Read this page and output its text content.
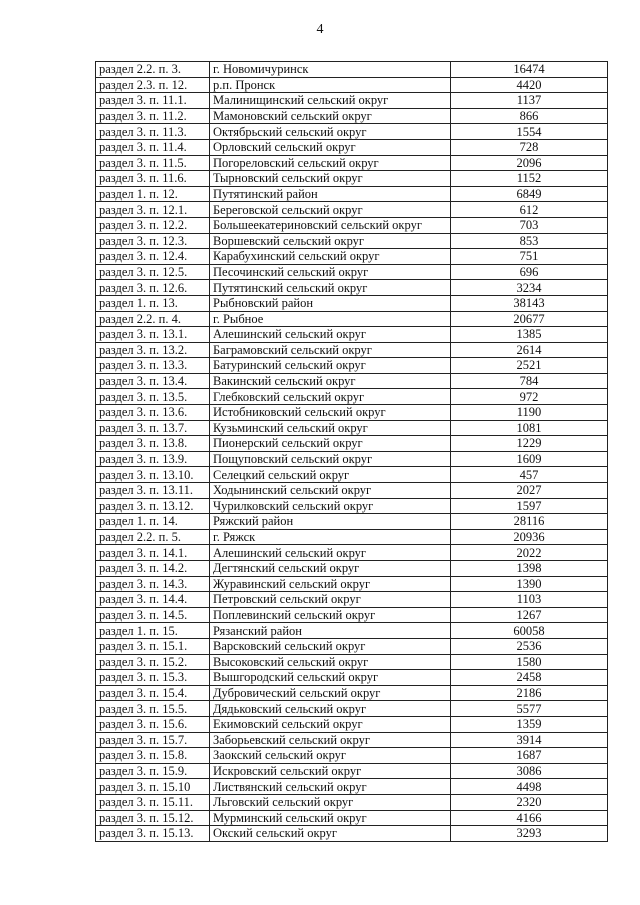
4
раздел 2.2. п. 3.	г. Новомичуринск	16474
раздел 2.3. п. 12.	р.п. Пронск	4420
раздел 3. п. 11.1.	Малинищинский сельский округ	1137
раздел 3. п. 11.2.	Мамоновский сельский округ	866
раздел 3. п. 11.3.	Октябрьский сельский округ	1554
раздел 3. п. 11.4.	Орловский сельский округ	728
раздел 3. п. 11.5.	Погореловский сельский округ	2096
раздел 3. п. 11.6.	Тырновский сельский округ	1152
раздел 1. п. 12.	Путятинский район	6849
раздел 3. п. 12.1.	Береговской сельский округ	612
раздел 3. п. 12.2.	Большеекатериновский сельский округ	703
раздел 3. п. 12.3.	Воршевский сельский округ	853
раздел 3. п. 12.4.	Карабухинский сельский округ	751
раздел 3. п. 12.5.	Песочинский сельский округ	696
раздел 3. п. 12.6.	Путятинский сельский округ	3234
раздел 1. п. 13.	Рыбновский район	38143
раздел 2.2. п. 4.	г. Рыбное	20677
раздел 3. п. 13.1.	Алешинский сельский округ	1385
раздел 3. п. 13.2.	Баграмовский сельский округ	2614
раздел 3. п. 13.3.	Батуринский сельский округ	2521
раздел 3. п. 13.4.	Вакинский сельский округ	784
раздел 3. п. 13.5.	Глебковский сельский округ	972
раздел 3. п. 13.6.	Истобниковский сельский округ	1190
раздел 3. п. 13.7.	Кузьминский сельский округ	1081
раздел 3. п. 13.8.	Пионерский сельский округ	1229
раздел 3. п. 13.9.	Пощуповский сельский округ	1609
раздел 3. п. 13.10.	Селецкий сельский округ	457
раздел 3. п. 13.11.	Ходынинский сельский округ	2027
раздел 3. п. 13.12.	Чурилковский сельский округ	1597
раздел 1. п. 14.	Ряжский район	28116
раздел 2.2. п. 5.	г. Ряжск	20936
раздел 3. п. 14.1.	Алешинский сельский округ	2022
раздел 3. п. 14.2.	Дегтянский сельский округ	1398
раздел 3. п. 14.3.	Журавинский сельский округ	1390
раздел 3. п. 14.4.	Петровский сельский округ	1103
раздел 3. п. 14.5.	Поплевинский сельский округ	1267
раздел 1. п. 15.	Рязанский район	60058
раздел 3. п. 15.1.	Варсковский сельский округ	2536
раздел 3. п. 15.2.	Высоковский сельский округ	1580
раздел 3. п. 15.3.	Вышгородский сельский округ	2458
раздел 3. п. 15.4.	Дубровический сельский округ	2186
раздел 3. п. 15.5.	Дядьковский сельский округ	5577
раздел 3. п. 15.6.	Екимовский сельский округ	1359
раздел 3. п. 15.7.	Заборьевский сельский округ	3914
раздел 3. п. 15.8.	Заокский сельский округ	1687
раздел 3. п. 15.9.	Искровский сельский округ	3086
раздел 3. п. 15.10	Листвянский сельский округ	4498
раздел 3. п. 15.11.	Льговский сельский округ	2320
раздел 3. п. 15.12.	Мурминский сельский округ	4166
раздел 3. п. 15.13.	Окский сельский округ	3293
